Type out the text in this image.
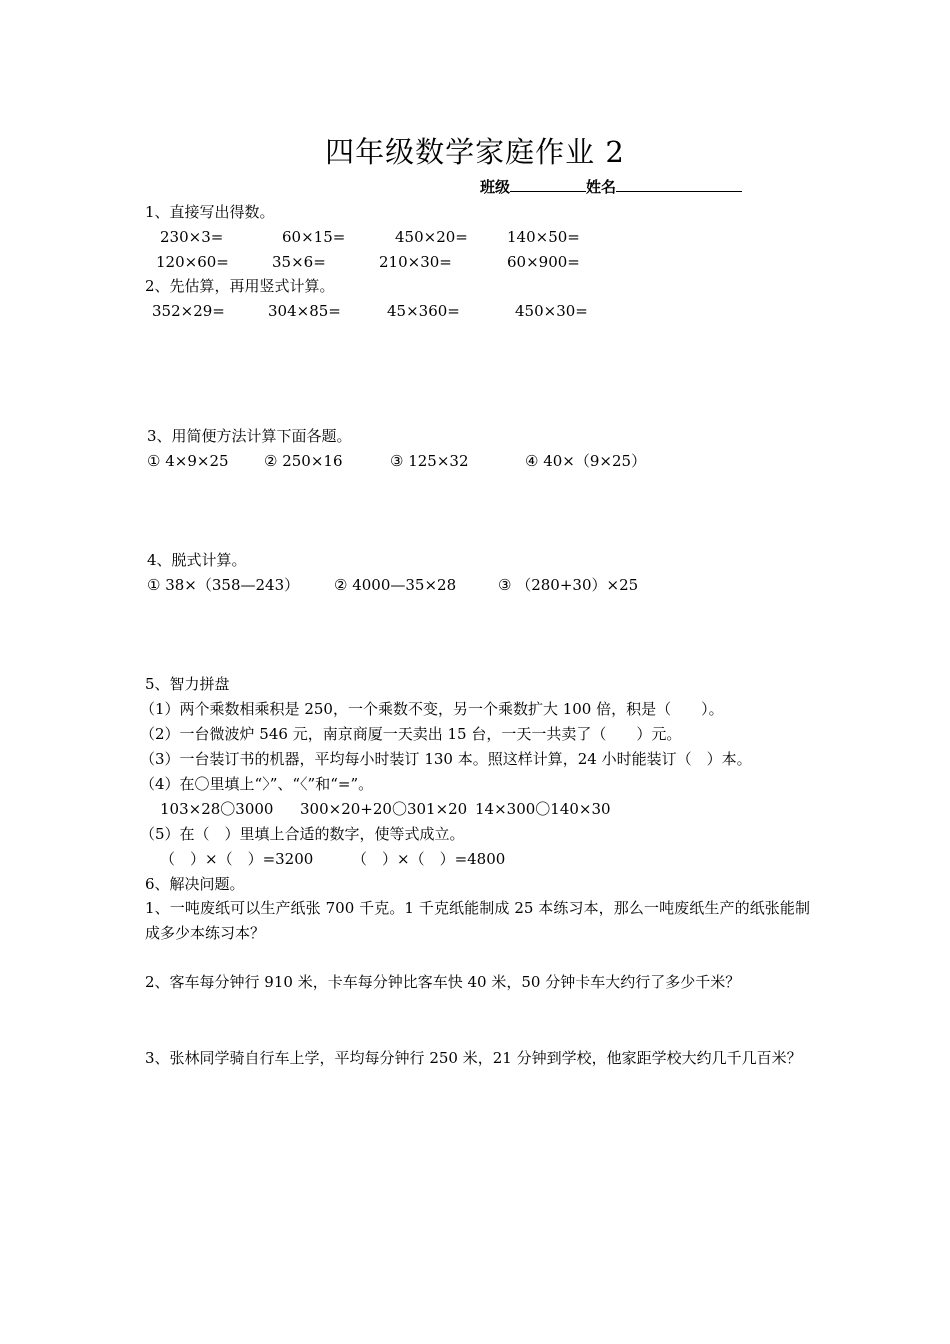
四年级数学家庭作业 2
班级	姓名
1、直接写出得数。
230×3=	60×15=	450×20=	140×50=
120×60=	35×6=	210×30=	60×900=
2、先估算，再用竖式计算。
352×29=	304×85=	45×360=	450×30=
3、用简便方法计算下面各题。
① 4×9×25 ② 250×16	③ 125×32	④ 40×（9×25）
4、脱式计算。
① 38×（358—243） ② 4000—35×28	③ （280+30）×25
5、智力拼盘
（1）两个乘数相乘积是 250，一个乘数不变，另一个乘数扩大 100 倍，积是（　　）。
（2）一台微波炉 546 元，南京商厦一天卖出 15 台，一天一共卖了（　　）元。
（3）一台装订书的机器，平均每小时装订 130 本。照这样计算，24 小时能装订（　）本。
（4）在〇里填上“〉”、“〈”和“=”。
103×28〇3000 300×20+20〇301×20 14×300〇140×30
（5）在（　）里填上合适的数字，使等式成立。
（　）×（　）=3200	（　）×（　）=4800
6、解决问题。
1、一吨废纸可以生产纸张 700 千克。1 千克纸能制成 25 本练习本，那么一吨废纸生产的纸张能制成多少本练习本？
2、客车每分钟行 910 米，卡车每分钟比客车快 40 米，50 分钟卡车大约行了多少千米？
3、张林同学骑自行车上学，平均每分钟行 250 米，21 分钟到学校，他家距学校大约几千几百米？
